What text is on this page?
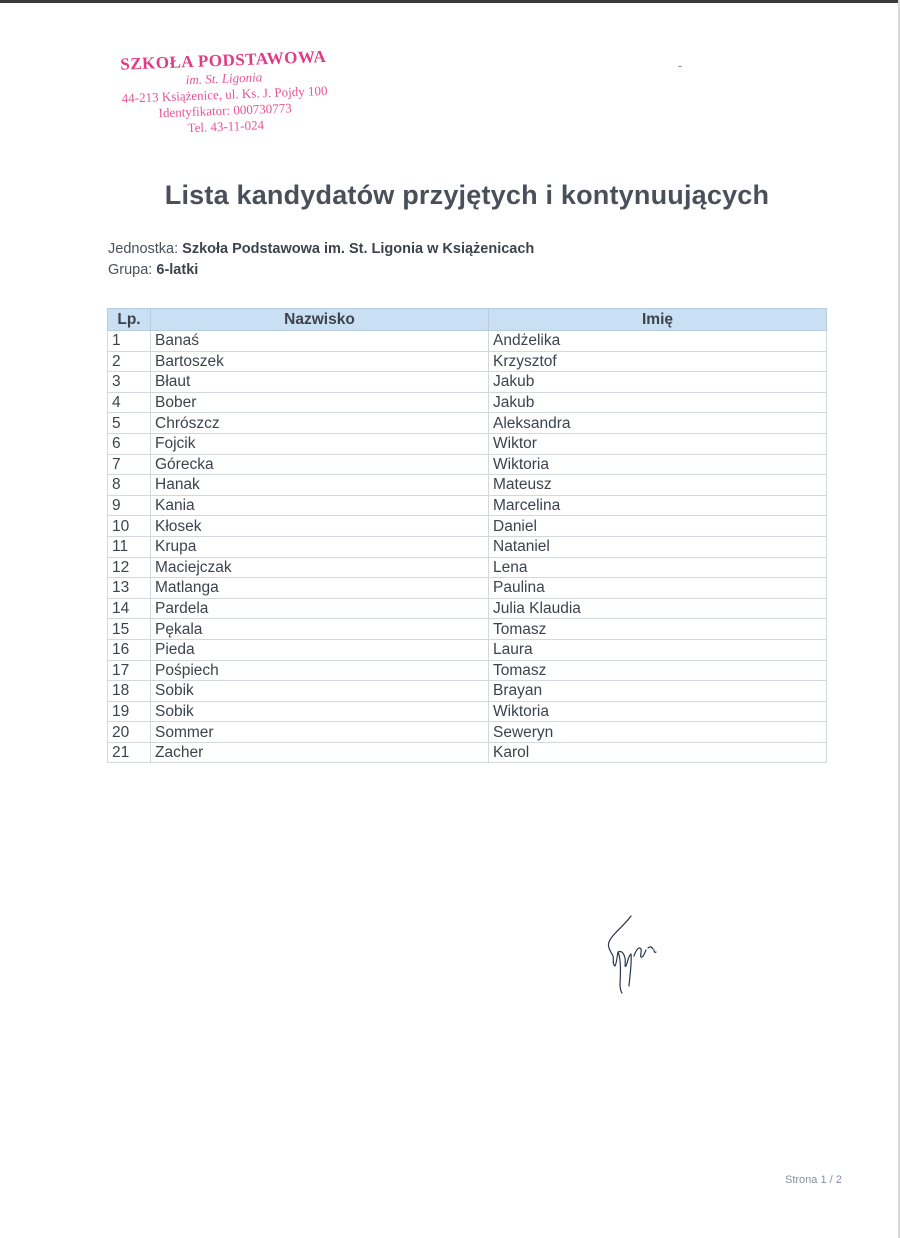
SZKOŁA PODSTAWOWA
im. St. Ligonia
44-213 Książenice, ul. Ks. J. Pojdy 100
Identyfikator: 000730773
Tel. 43-11-024
Lista kandydatów przyjętych i kontynuujących
Jednostka: Szkoła Podstawowa im. St. Ligonia w Książenicach
Grupa: 6-latki
Lp.	Nazwisko	Imię
1	Banaś	Andżelika
2	Bartoszek	Krzysztof
3	Błaut	Jakub
4	Bober	Jakub
5	Chrószcz	Aleksandra
6	Fojcik	Wiktor
7	Górecka	Wiktoria
8	Hanak	Mateusz
9	Kania	Marcelina
10	Kłosek	Daniel
11	Krupa	Nataniel
12	Maciejczak	Lena
13	Matlanga	Paulina
14	Pardela	Julia Klaudia
15	Pękala	Tomasz
16	Pieda	Laura
17	Pośpiech	Tomasz
18	Sobik	Brayan
19	Sobik	Wiktoria
20	Sommer	Seweryn
21	Zacher	Karol
Strona 1 / 2
